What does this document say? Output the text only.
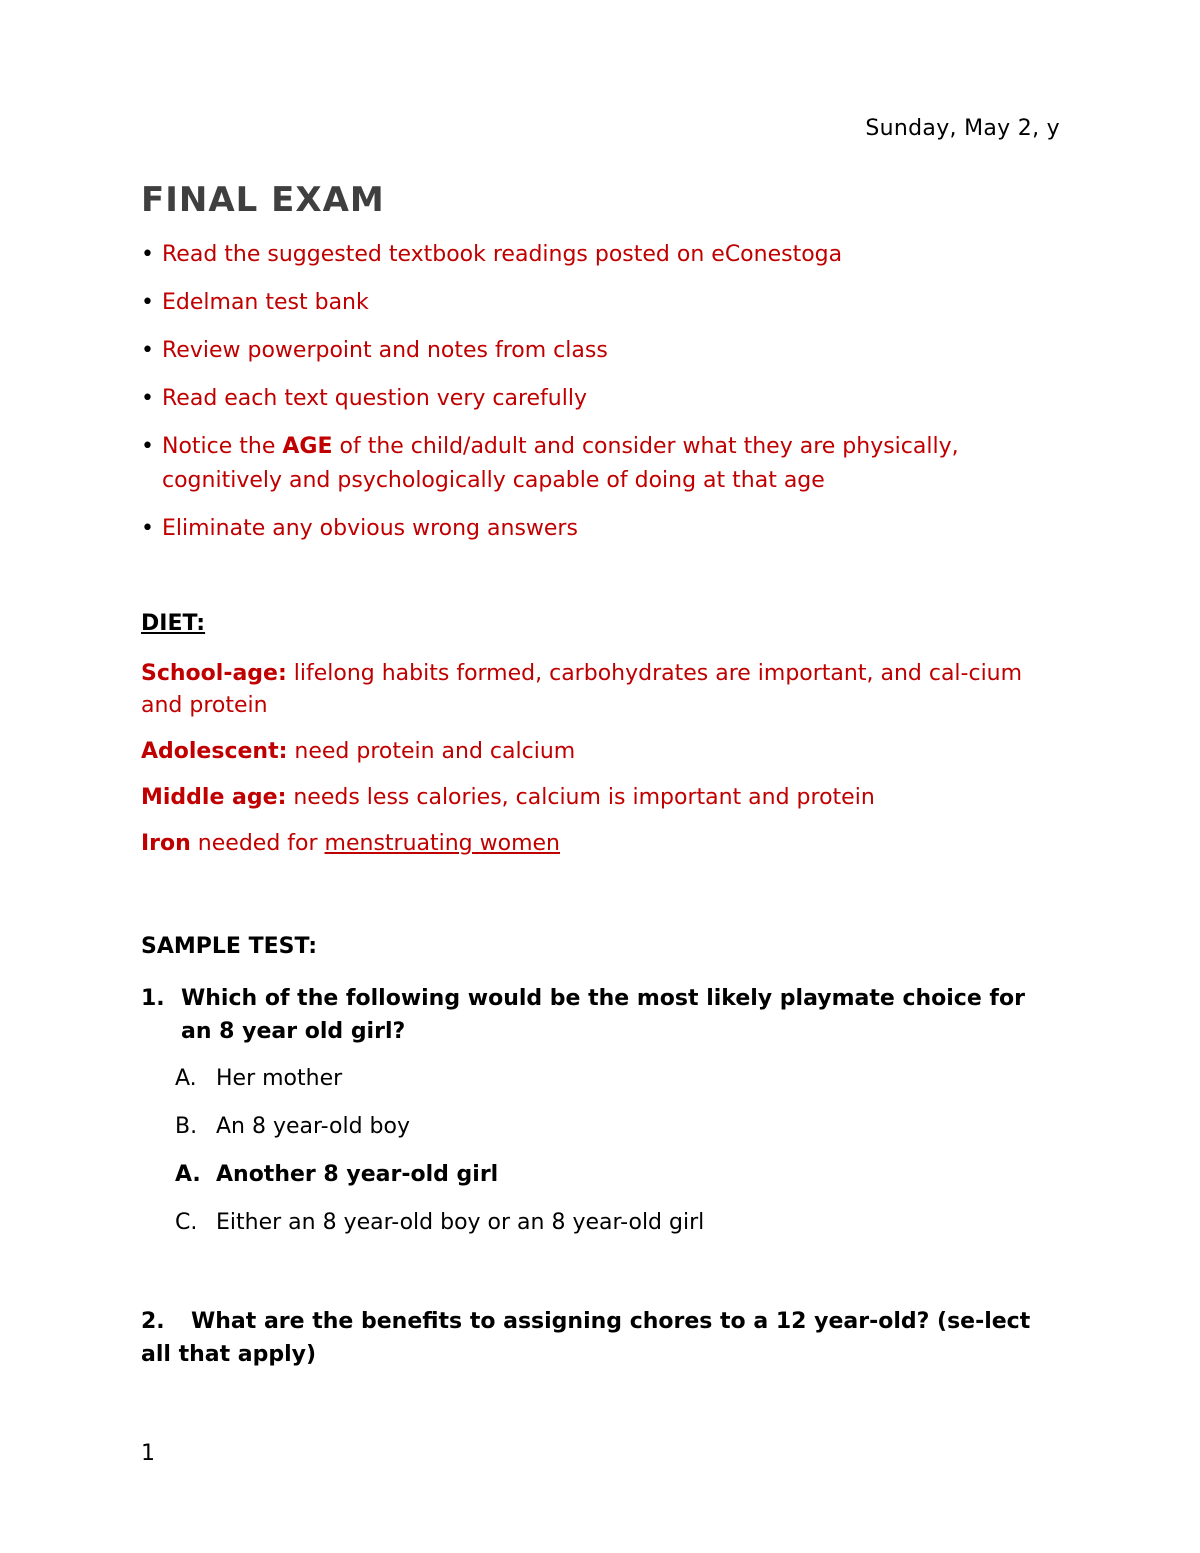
Sunday, May 2, y
FINAL EXAM
• Read the suggested textbook readings posted on eConestoga
• Edelman test bank
• Review powerpoint and notes from class
• Read each text question very carefully
• Notice the AGE of the child/adult and consider what they are physically, cognitively and psychologically capable of doing at that age
• Eliminate any obvious wrong answers
DIET:

School-age: lifelong habits formed, carbohydrates are important, and cal-cium and protein

Adolescent: need protein and calcium

Middle age: needs less calories, calcium is important and protein

Iron needed for menstruating women

SAMPLE TEST:
1. Which of the following would be the most likely playmate choice for an 8 year old girl?
A. Her mother
B. An 8 year-old boy
A. Another 8 year-old girl
C. Either an 8 year-old boy or an 8 year-old girl
2.	What are the benefits to assigning chores to a 12 year-old? (se-lect all that apply)
1
